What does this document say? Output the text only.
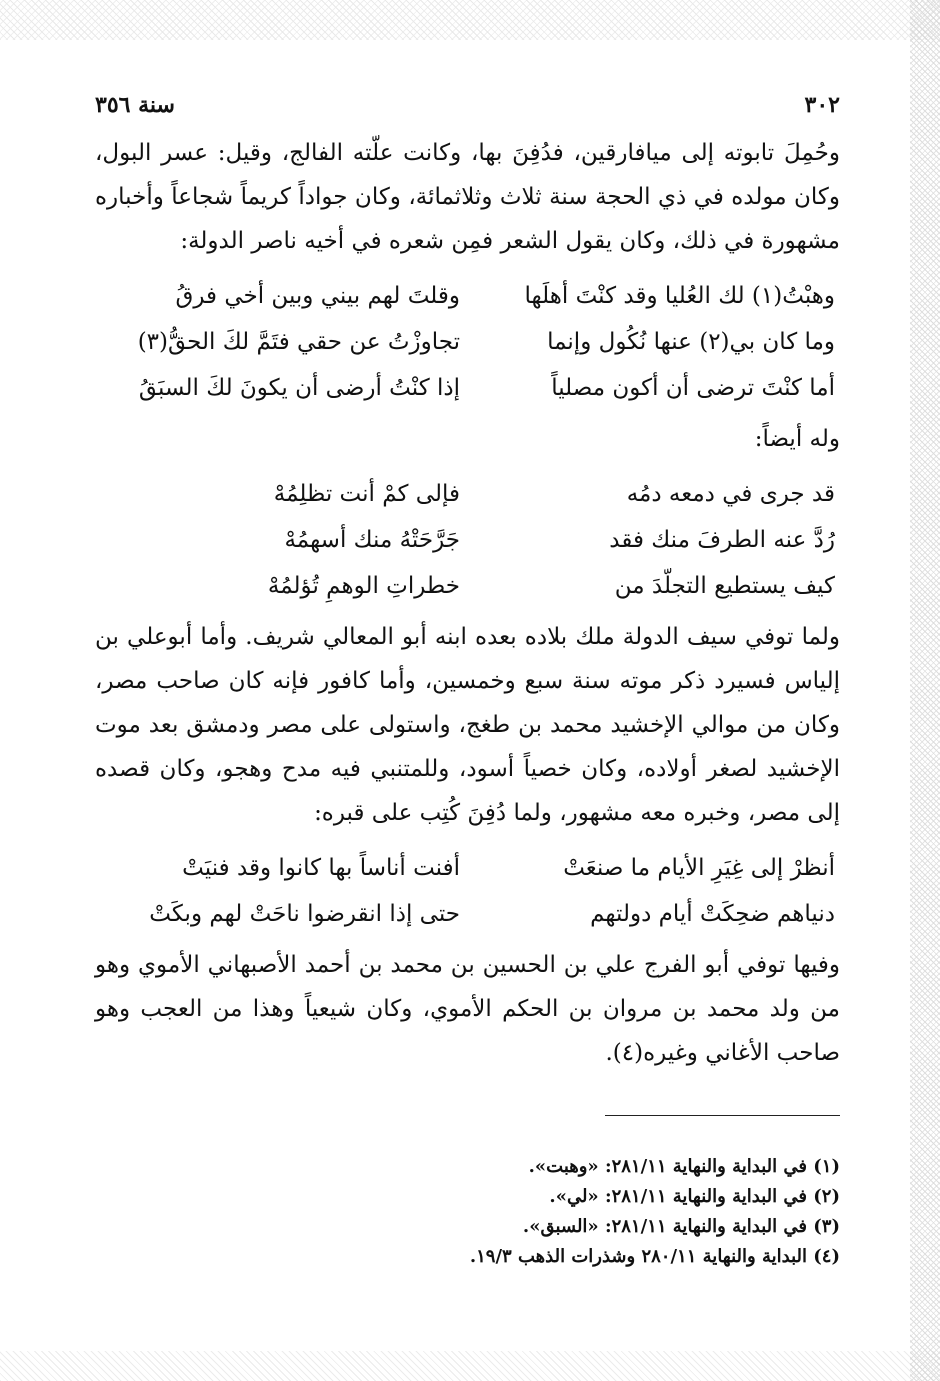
٣٠٢
سنة ٣٥٦

وحُمِلَ تابوته إلى ميافارقين، فدُفِنَ بها، وكانت علّته الفالج، وقيل: عسر البول، وكان مولده في ذي الحجة سنة ثلاث وثلاثمائة، وكان جواداً كريماً شجاعاً وأخباره مشهورة في ذلك، وكان يقول الشعر فمِن شعره في أخيه ناصر الدولة:

وهبْتُ(١) لك العُليا وقد كنْتَ أهلَها
وقلتَ لهم بيني وبين أخي فرقُ
وما كان بي(٢) عنها نُكُول وإنما
تجاوزْتُ عن حقي فتَمَّ لكَ الحقُّ(٣)
أما كنْتَ ترضى أن أكون مصلياً
إذا كنْتُ أرضى أن يكونَ لكَ السبَقُ

وله أيضاً:

قد جرى في دمعه دمُه
فإلى كمْ أنت تظلِمُهْ
رُدَّ عنه الطرفَ منك فقد
جَرَّحَتْهُ منك أسهمُهْ
كيف يستطيع التجلّدَ من
خطراتِ الوهمِ تُؤلمُهْ

ولما توفي سيف الدولة ملك بلاده بعده ابنه أبو المعالي شريف. وأما أبوعلي بن إلياس فسيرد ذكر موته سنة سبع وخمسين، وأما كافور فإنه كان صاحب مصر، وكان من موالي الإخشيد محمد بن طغج، واستولى على مصر ودمشق بعد موت الإخشيد لصغر أولاده، وكان خصياً أسود، وللمتنبي فيه مدح وهجو، وكان قصده إلى مصر، وخبره معه مشهور، ولما دُفِنَ كُتِب على قبره:

أنظرْ إلى غِيَرِ الأيام ما صنعَتْ
أفنت أناساً بها كانوا وقد فنيَتْ
دنياهم ضحِكَتْ أيام دولتهم
حتى إذا انقرضوا ناحَتْ لهم وبكَتْ

وفيها توفي أبو الفرج علي بن الحسين بن محمد بن أحمد الأصبهاني الأموي وهو من ولد محمد بن مروان بن الحكم الأموي، وكان شيعياً وهذا من العجب وهو صاحب الأغاني وغيره(٤).

(١) في البداية والنهاية ٢٨١/١١: «وهبت».

(٢) في البداية والنهاية ٢٨١/١١: «لي».

(٣) في البداية والنهاية ٢٨١/١١: «السبق».

(٤) البداية والنهاية ٢٨٠/١١ وشذرات الذهب ١٩/٣.
